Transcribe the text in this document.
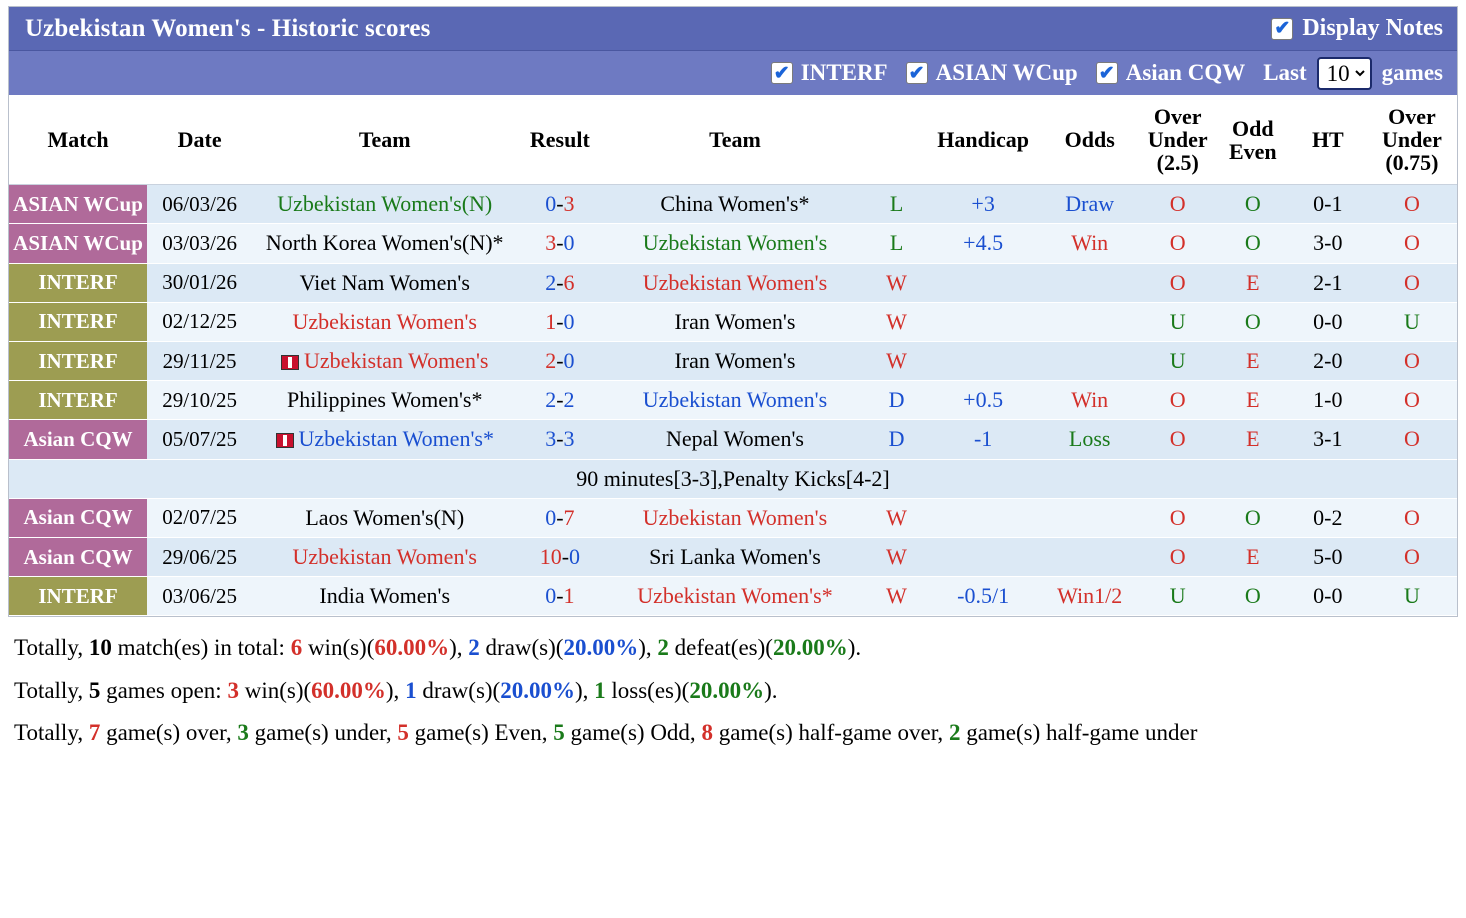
Uzbekistan Women's - Historic scores	✔ Display Notes
✔ INTERF ✔ ASIAN WCup ✔ Asian CQW Last
10	games
Match	Date	Team	Result	Team		Handicap	Odds	Over
Under
(2.5)	Odd
Even	HT	Over
Under
(0.75)
ASIAN WCup	06/03/26	Uzbekistan Women's(N)	0-3	China Women's*	L	+3	Draw	O	O	0-1	O
ASIAN WCup	03/03/26	North Korea Women's(N)*	3-0	Uzbekistan Women's	L	+4.5	Win	O	O	3-0	O
INTERF	30/01/26	Viet Nam Women's	2-6	Uzbekistan Women's	W			O	E	2-1	O
INTERF	02/12/25	Uzbekistan Women's	1-0	Iran Women's	W			U	O	0-0	U
INTERF	29/11/25	Uzbekistan Women's	2-0	Iran Women's	W			U	E	2-0	O
INTERF	29/10/25	Philippines Women's*	2-2	Uzbekistan Women's	D	+0.5	Win	O	E	1-0	O
Asian CQW	05/07/25	Uzbekistan Women's*	3-3	Nepal Women's	D	-1	Loss	O	E	3-1	O
90 minutes[3-3],Penalty Kicks[4-2]											
Asian CQW	02/07/25	Laos Women's(N)	0-7	Uzbekistan Women's	W			O	O	0-2	O
Asian CQW	29/06/25	Uzbekistan Women's	10-0	Sri Lanka Women's	W			O	E	5-0	O
INTERF	03/06/25	India Women's	0-1	Uzbekistan Women's*	W	-0.5/1	Win1/2	U	O	0-0	U
Totally, 10 match(es) in total: 6 win(s)(60.00%), 2 draw(s)(20.00%), 2 defeat(es)(20.00%).
Totally, 5 games open: 3 win(s)(60.00%), 1 draw(s)(20.00%), 1 loss(es)(20.00%).
Totally, 7 game(s) over, 3 game(s) under, 5 game(s) Even, 5 game(s) Odd, 8 game(s) half-game over, 2 game(s) half-game under
